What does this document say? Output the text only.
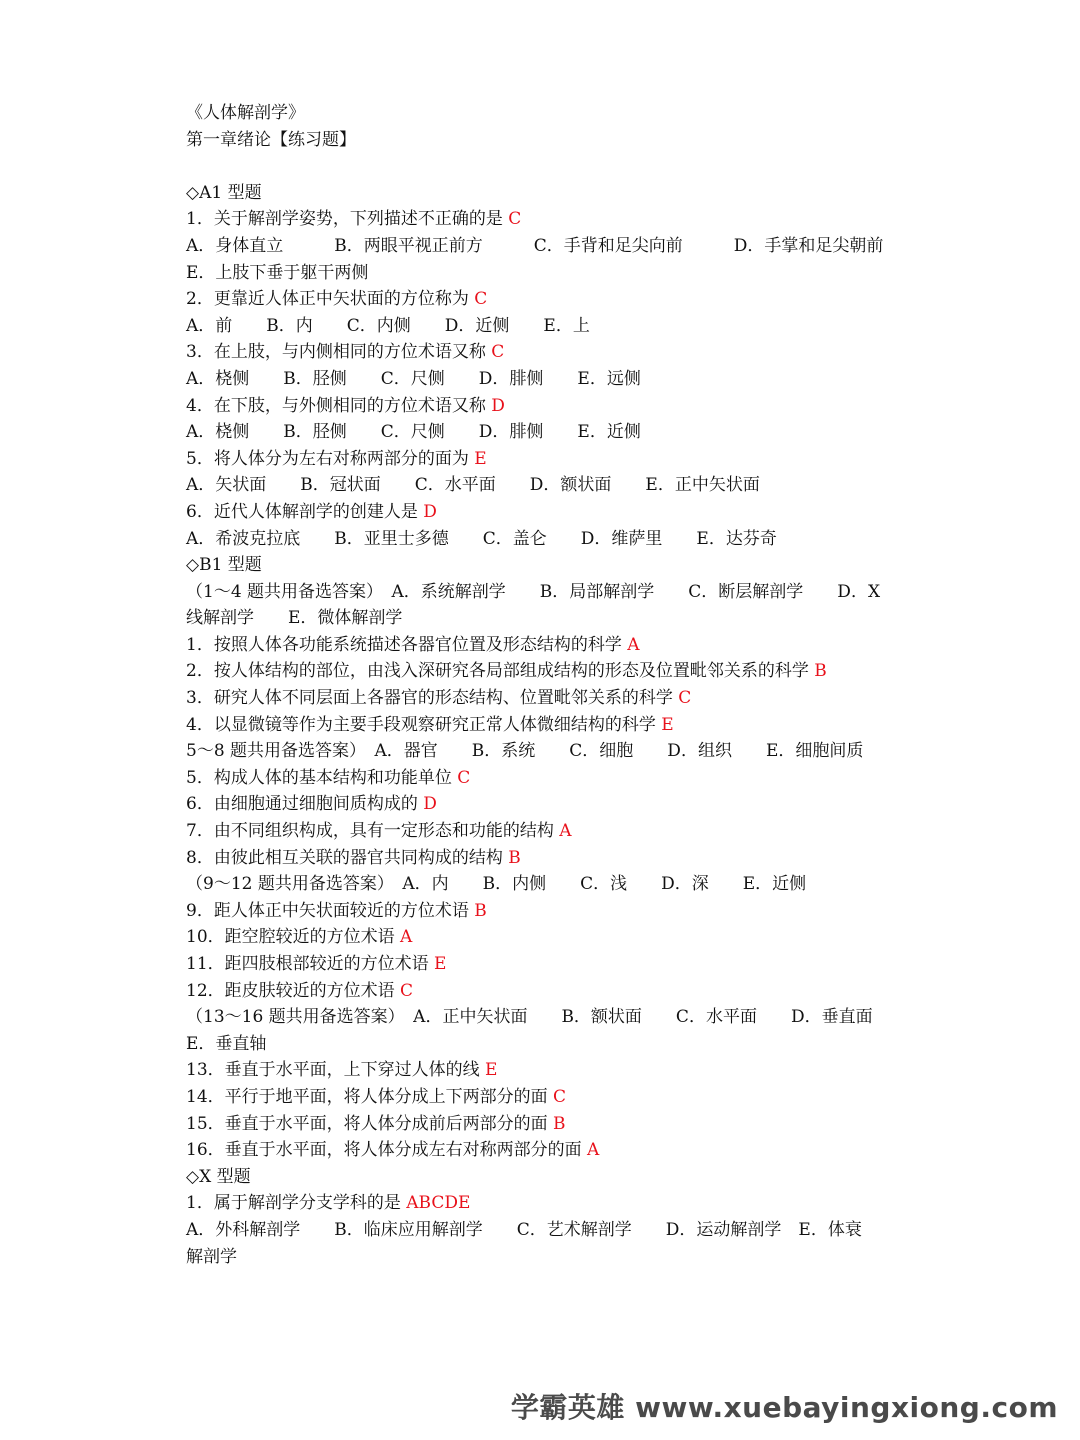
《人体解剖学》
第一章绪论【练习题】
◇A1 型题
1．关于解剖学姿势，下列描述不正确的是 C
A．身体直立　　　B．两眼平视正前方　　　C．手背和足尖向前　　　D．手掌和足尖朝前
E．上肢下垂于躯干两侧
2．更靠近人体正中矢状面的方位称为 C
A．前　　B．内　　C．内侧　　D．近侧　　E．上
3．在上肢，与内侧相同的方位术语又称 C
A．桡侧　　B．胫侧　　C．尺侧　　D．腓侧　　E．远侧
4．在下肢，与外侧相同的方位术语又称 D
A．桡侧　　B．胫侧　　C．尺侧　　D．腓侧　　E．近侧
5．将人体分为左右对称两部分的面为 E
A．矢状面　　B．冠状面　　C．水平面　　D．额状面　　E．正中矢状面
6．近代人体解剖学的创建人是 D
A．希波克拉底　　B．亚里士多德　　C．盖仑　　D．维萨里　　E．达芬奇
◇B1 型题
（1～4 题共用备选答案）　A．系统解剖学　　B．局部解剖学　　C．断层解剖学　　D．X
线解剖学　　E．微体解剖学
1．按照人体各功能系统描述各器官位置及形态结构的科学 A
2．按人体结构的部位，由浅入深研究各局部组成结构的形态及位置毗邻关系的科学 B
3．研究人体不同层面上各器官的形态结构、位置毗邻关系的科学 C
4．以显微镜等作为主要手段观察研究正常人体微细结构的科学 E
5～8 题共用备选答案）　A．器官　　B．系统　　C．细胞　　D．组织　　E．细胞间质
5．构成人体的基本结构和功能单位 C
6．由细胞通过细胞间质构成的 D
7．由不同组织构成，具有一定形态和功能的结构 A
8．由彼此相互关联的器官共同构成的结构 B
（9～12 题共用备选答案）　A．内　　B．内侧　　C．浅　　D．深　　E．近侧
9．距人体正中矢状面较近的方位术语 B
10．距空腔较近的方位术语 A
11．距四肢根部较近的方位术语 E
12．距皮肤较近的方位术语 C
（13～16 题共用备选答案）　A．正中矢状面　　B．额状面　　C．水平面　　D．垂直面
E．垂直轴
13．垂直于水平面，上下穿过人体的线 E
14．平行于地平面，将人体分成上下两部分的面 C
15．垂直于水平面，将人体分成前后两部分的面 B
16．垂直于水平面，将人体分成左右对称两部分的面 A
◇X 型题
1．属于解剖学分支学科的是 ABCDE
A．外科解剖学　　B．临床应用解剖学　　C．艺术解剖学　　D．运动解剖学　E．体衰
解剖学
学霸英雄 www.xuebayingxiong.com
